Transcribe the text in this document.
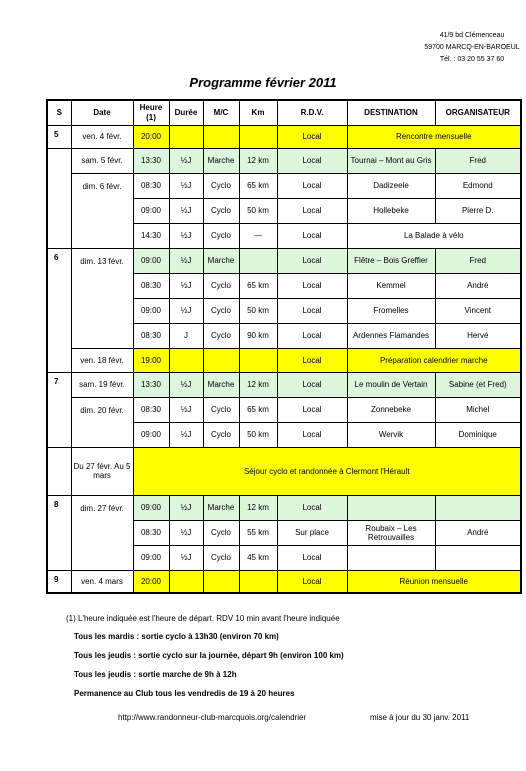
41/9 bd Clémenceau
59700 MARCQ-EN-BAROEUL
Tél. : 03 20 55 37 60
Programme février 2011
S	Date	Heure (1)	Durée	M/C	Km	R.D.V.	DESTINATION	ORGANISATEUR
5	ven. 4 févr.	20:00				Local	Rencontre mensuelle	
	sam. 5 févr.	13:30	½J	Marche	12 km	Local	Tournai – Mont au Gris	Fred
	dim. 6 févr.	08:30	½J	Cyclo	65 km	Local	Dadizeele	Edmond
		09:00	½J	Cyclo	50 km	Local	Hollebeke	Pierre D.
		14:30	½J	Cyclo	—	Local	La Balade à vélo	
6	dim. 13 févr.	09:00	½J	Marche		Local	Flêtre – Bois Greffier	Fred
		08:30	½J	Cyclo	65 km	Local	Kemmel	André
		09:00	½J	Cyclo	50 km	Local	Fromelles	Vincent
		08:30	J	Cyclo	90 km	Local	Ardennes Flamandes	Hervé
	ven. 18 févr.	19:00				Local	Préparation calendrier marche	
7	sam. 19 févr.	13:30	½J	Marche	12 km	Local	Le moulin de Vertain	Sabine (et Fred)
	dim. 20 févr.	08:30	½J	Cyclo	65 km	Local	Zonnebeke	Michel
		09:00	½J	Cyclo	50 km	Local	Wervik	Dominique
	Du 27 févr. Au 5 mars	Séjour cyclo et randonnée à Clermont l'Hérault						
8	dim. 27 févr.	09:00	½J	Marche	12 km	Local		
		08:30	½J	Cyclo	55 km	Sur place	Roubaix – Les Retrouvailles	André
		09:00	½J	Cyclo	45 km	Local		
9	ven. 4 mars	20:00				Local	Réunion mensuelle	
(1) L'heure indiquée est l'heure de départ. RDV 10 min avant l'heure indiquée
Tous les mardis : sortie cyclo à 13h30 (environ 70 km)
Tous les jeudis : sortie cyclo sur la journée, départ 9h (environ 100 km)
Tous les jeudis : sortie marche de 9h à 12h
Permanence au Club tous les vendredis de 19 à 20 heures
http://www.randonneur-club-marcquois.org/calendrier	mise à jour du 30 janv. 2011
